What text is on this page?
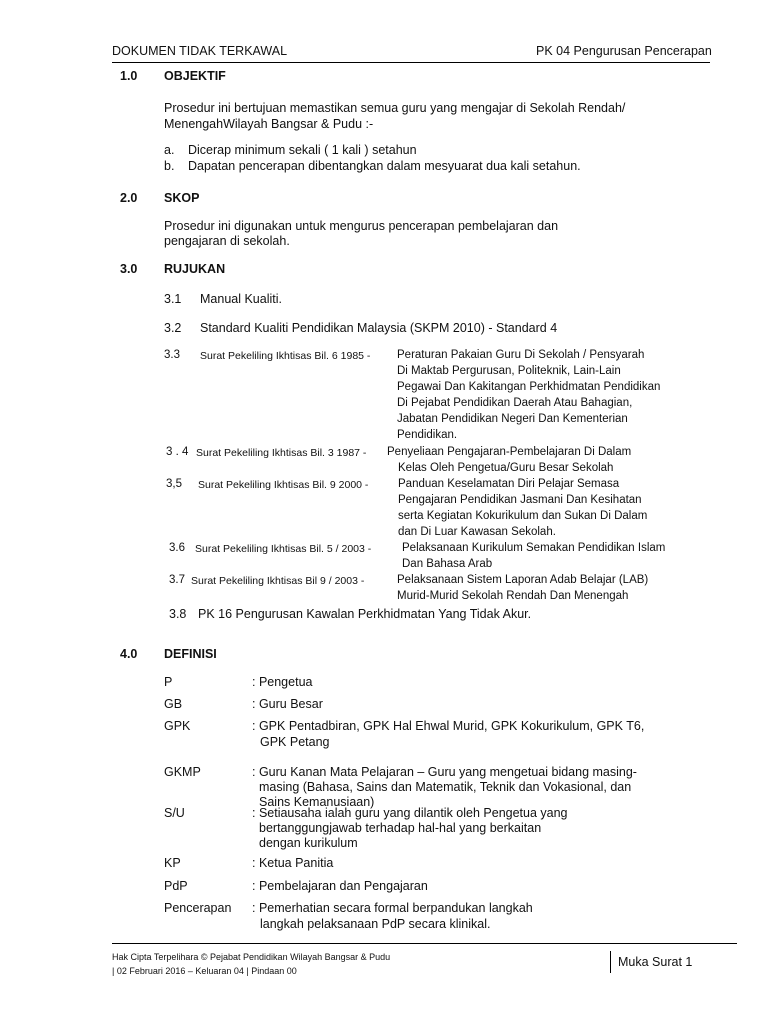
DOKUMEN TIDAK TERKAWAL	PK 04 Pengurusan Pencerapan
1.0 OBJEKTIF
Prosedur ini bertujuan memastikan semua guru yang mengajar di Sekolah Rendah/
MenengahWilayah Bangsar & Pudu :-
a. Dicerap minimum sekali ( 1 kali ) setahun
b. Dapatan pencerapan dibentangkan dalam mesyuarat dua kali setahun.
2.0 SKOP
Prosedur ini digunakan untuk mengurus pencerapan pembelajaran dan
pengajaran di sekolah.
3.0 RUJUKAN
3.1 Manual Kualiti.
3.2 Standard Kualiti Pendidikan Malaysia (SKPM 2010) - Standard 4
3.3 Surat Pekeliling Ikhtisas Bil. 6 1985 - Peraturan Pakaian Guru Di Sekolah / Pensyarah
Di Maktab Pergurusan, Politeknik, Lain-Lain
Pegawai Dan Kakitangan Perkhidmatan Pendidikan
Di Pejabat Pendidikan Daerah Atau Bahagian,
Jabatan Pendidikan Negeri Dan Kementerian
Pendidikan.
3 . 4 Surat Pekeliling Ikhtisas Bil. 3 1987 - Penyeliaan Pengajaran-Pembelajaran Di Dalam
Kelas Oleh Pengetua/Guru Besar Sekolah
3,5 Surat Pekeliling Ikhtisas Bil. 9 2000 -	Panduan Keselamatan Diri Pelajar Semasa
Pengajaran Pendidikan Jasmani Dan Kesihatan
serta Kegiatan Kokurikulum dan Sukan Di Dalam
dan Di Luar Kawasan Sekolah.
3.6 Surat Pekeliling Ikhtisas Bil. 5 / 2003 -	Pelaksanaan Kurikulum Semakan Pendidikan Islam
Dan Bahasa Arab
3.7 Surat Pekeliling Ikhtisas Bil 9 / 2003 -	Pelaksanaan Sistem Laporan Adab Belajar (LAB)
Murid-Murid Sekolah Rendah Dan Menengah
3.8 PK 16 Pengurusan Kawalan Perkhidmatan Yang Tidak Akur.
4.0 DEFINISI
P	: Pengetua
GB	: Guru Besar
GPK	: GPK Pentadbiran, GPK Hal Ehwal Murid, GPK Kokurikulum, GPK T6,
GPK Petang
GKMP	: Guru Kanan Mata Pelajaran – Guru yang mengetuai bidang masing-
masing (Bahasa, Sains dan Matematik, Teknik dan Vokasional, dan
Sains Kemanusiaan)
S/U	: Setiausaha ialah guru yang dilantik oleh Pengetua yang
bertanggungjawab terhadap hal-hal yang berkaitan
dengan kurikulum
KP	: Ketua Panitia
PdP	: Pembelajaran dan Pengajaran
Pencerapan : Pemerhatian secara formal berpandukan langkah
langkah pelaksanaan PdP secara klinikal.
Hak Cipta Terpelihara © Pejabat Pendidikan Wilayah Bangsar & Pudu
| 02 Februari 2016 – Keluaran 04 | Pindaan 00
Muka Surat 1
